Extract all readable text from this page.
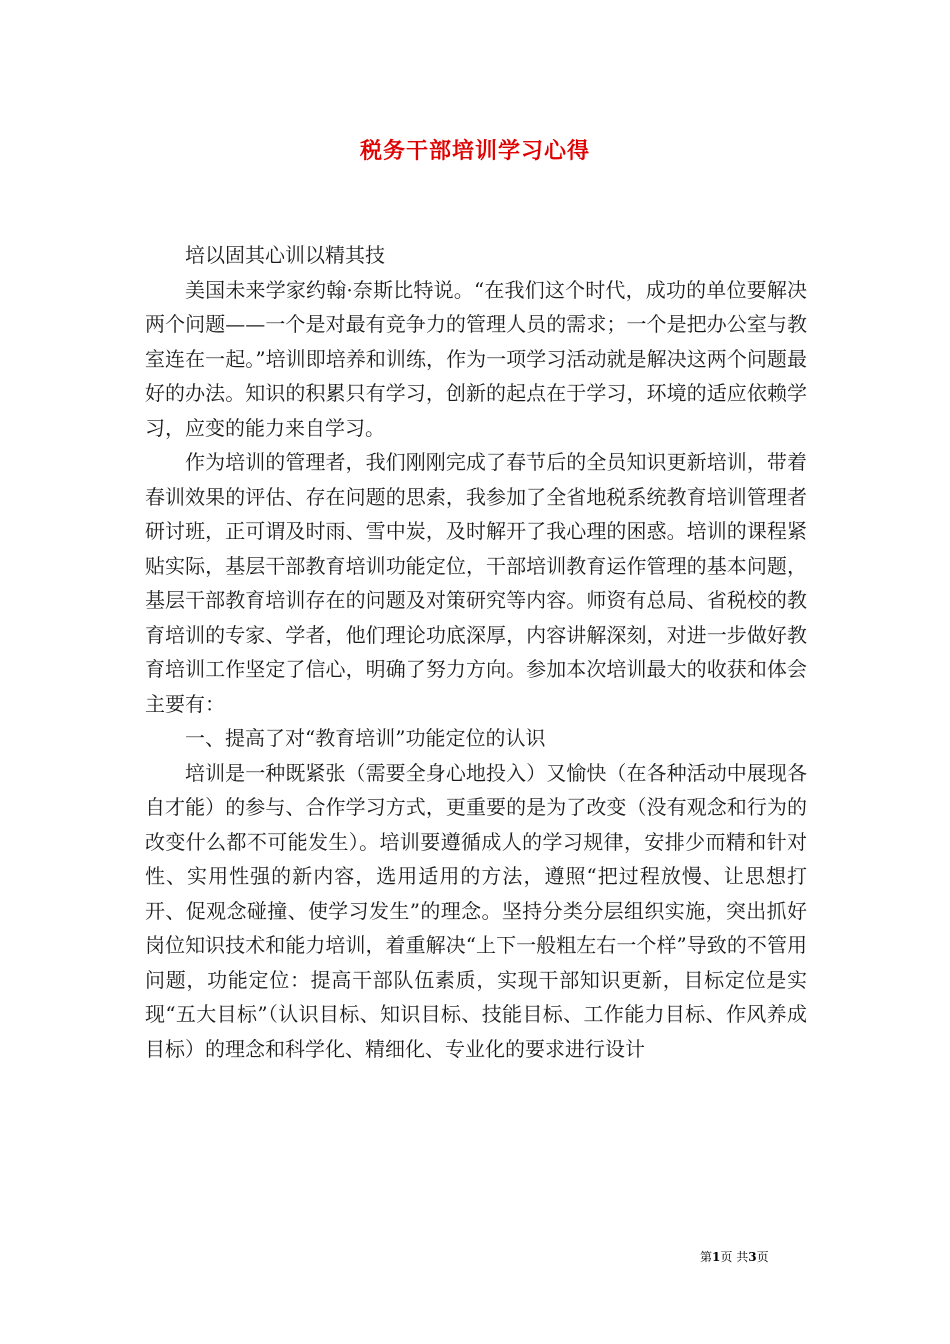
税务干部培训学习心得

培以固其心训以精其技

美国未来学家约翰·奈斯比特说。“在我们这个时代，成功的单位要解决两个问题——一个是对最有竞争力的管理人员的需求；一个是把办公室与教室连在一起。”培训即培养和训练，作为一项学习活动就是解决这两个问题最好的办法。知识的积累只有学习，创新的起点在于学习，环境的适应依赖学习，应变的能力来自学习。

作为培训的管理者，我们刚刚完成了春节后的全员知识更新培训，带着春训效果的评估、存在问题的思索，我参加了全省地税系统教育培训管理者研讨班，正可谓及时雨、雪中炭，及时解开了我心理的困惑。培训的课程紧贴实际，基层干部教育培训功能定位，干部培训教育运作管理的基本问题，基层干部教育培训存在的问题及对策研究等内容。师资有总局、省税校的教育培训的专家、学者，他们理论功底深厚，内容讲解深刻，对进一步做好教育培训工作坚定了信心，明确了努力方向。参加本次培训最大的收获和体会主要有：

一、提高了对“教育培训”功能定位的认识

培训是一种既紧张（需要全身心地投入）又愉快（在各种活动中展现各自才能）的参与、合作学习方式，更重要的是为了改变（没有观念和行为的改变什么都不可能发生）。培训要遵循成人的学习规律，安排少而精和针对性、实用性强的新内容，选用适用的方法，遵照“把过程放慢、让思想打开、促观念碰撞、使学习发生”的理念。坚持分类分层组织实施，突出抓好岗位知识技术和能力培训，着重解决“上下一般粗左右一个样”导致的不管用问题，功能定位：提高干部队伍素质，实现干部知识更新，目标定位是实现“五大目标”（认识目标、知识目标、技能目标、工作能力目标、作风养成目标）的理念和科学化、精细化、专业化的要求进行设计

第1页 共3页
